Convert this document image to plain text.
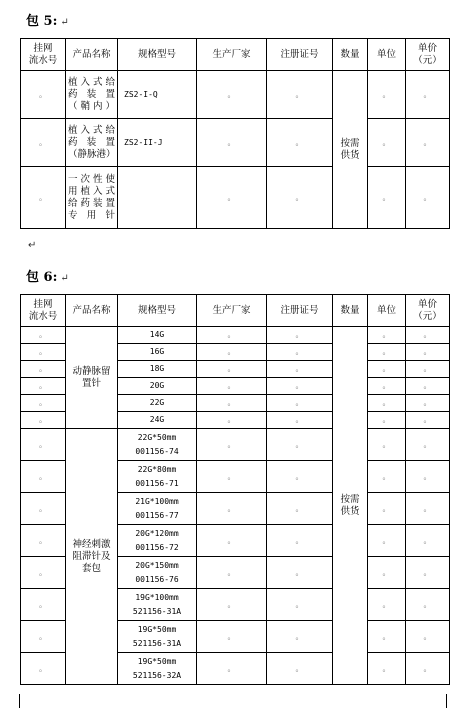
包 5: ↵
挂网
流水号	产品名称	规格型号	生产厂家	注册证号	数量	单位	单价
（元）
。	植入式给药装置（鞘内）	ZS2-I-Q	。	。	按需供货	。	。
。	植入式给药装置（静脉港）	ZS2-II-J	。	。		。	。
。	一次性使用植入式给药装置专用针		。	。		。	。
↵
包 6: ↵
挂网
流水号	产品名称	规格型号	生产厂家	注册证号	数量	单位	单价
（元）
。	动静脉留置针	14G	。	。	按需供货	。	。
。		16G	。	。		。	。
。		18G	。	。		。	。
。		20G	。	。		。	。
。		22G	。	。		。	。
。		24G	。	。		。	。
。	神经刺激阻滞针及套包	22G*50mm
001156-74	。	。		。	。
。		22G*80mm
001156-71	。	。		。	。
。		21G*100mm
001156-77	。	。		。	。
。		20G*120mm
001156-72	。	。		。	。
。		20G*150mm
001156-76	。	。		。	。
。		19G*100mm
521156-31A	。	。		。	。
。		19G*50mm
521156-31A	。	。		。	。
。		19G*50mm
521156-32A	。	。		。	。
